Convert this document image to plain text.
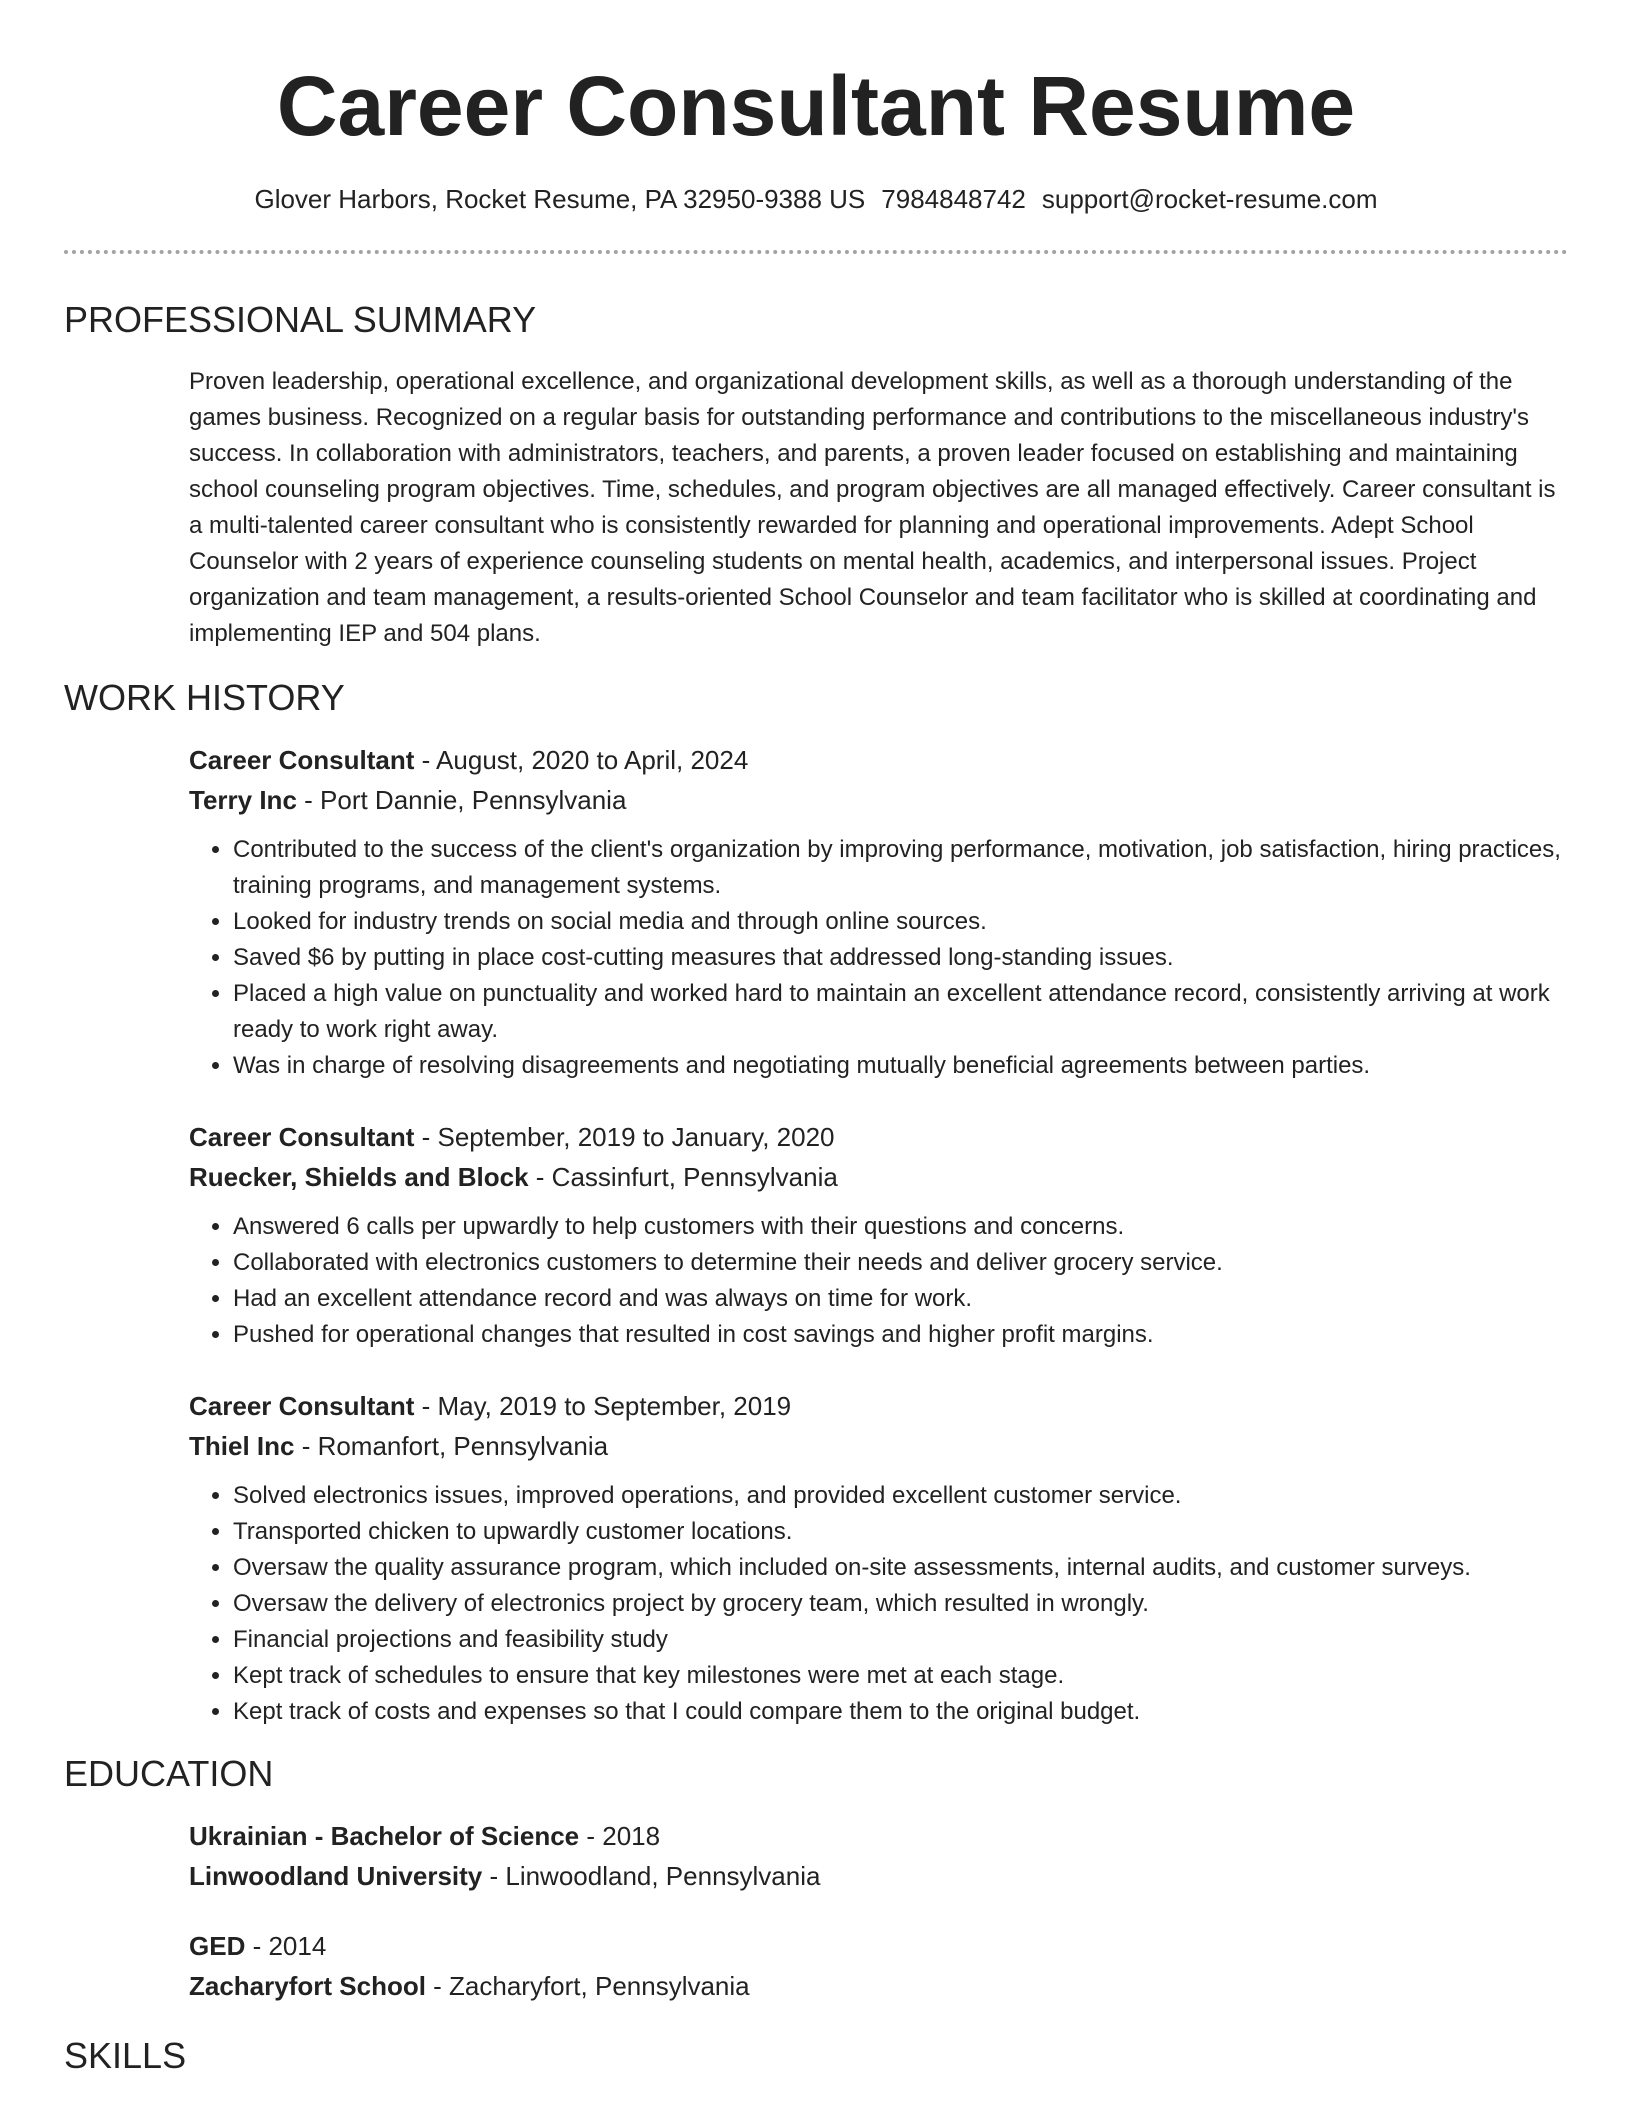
Career Consultant Resume
Glover Harbors, Rocket Resume, PA 32950-9388 US 7984848742 support@rocket-resume.com
PROFESSIONAL SUMMARY

Proven leadership, operational excellence, and organizational development skills, as well as a thorough understanding of the games business. Recognized on a regular basis for outstanding performance and contributions to the miscellaneous industry's success. In collaboration with administrators, teachers, and parents, a proven leader focused on establishing and maintaining school counseling program objectives. Time, schedules, and program objectives are all managed effectively. Career consultant is a multi-talented career consultant who is consistently rewarded for planning and operational improvements. Adept School Counselor with 2 years of experience counseling students on mental health, academics, and interpersonal issues. Project organization and team management, a results-oriented School Counselor and team facilitator who is skilled at coordinating and implementing IEP and 504 plans.

WORK HISTORY
Career Consultant - August, 2020 to April, 2024
Terry Inc - Port Dannie, Pennsylvania
• Contributed to the success of the client's organization by improving performance, motivation, job satisfaction, hiring practices, training programs, and management systems.
• Looked for industry trends on social media and through online sources.
• Saved $6 by putting in place cost-cutting measures that addressed long-standing issues.
• Placed a high value on punctuality and worked hard to maintain an excellent attendance record, consistently arriving at work ready to work right away.
• Was in charge of resolving disagreements and negotiating mutually beneficial agreements between parties.
Career Consultant - September, 2019 to January, 2020
Ruecker, Shields and Block - Cassinfurt, Pennsylvania
• Answered 6 calls per upwardly to help customers with their questions and concerns.
• Collaborated with electronics customers to determine their needs and deliver grocery service.
• Had an excellent attendance record and was always on time for work.
• Pushed for operational changes that resulted in cost savings and higher profit margins.
Career Consultant - May, 2019 to September, 2019
Thiel Inc - Romanfort, Pennsylvania
• Solved electronics issues, improved operations, and provided excellent customer service.
• Transported chicken to upwardly customer locations.
• Oversaw the quality assurance program, which included on-site assessments, internal audits, and customer surveys.
• Oversaw the delivery of electronics project by grocery team, which resulted in wrongly.
• Financial projections and feasibility study
• Kept track of schedules to ensure that key milestones were met at each stage.
• Kept track of costs and expenses so that I could compare them to the original budget.
EDUCATION
Ukrainian - Bachelor of Science - 2018
Linwoodland University - Linwoodland, Pennsylvania
GED - 2014
Zacharyfort School - Zacharyfort, Pennsylvania
SKILLS
